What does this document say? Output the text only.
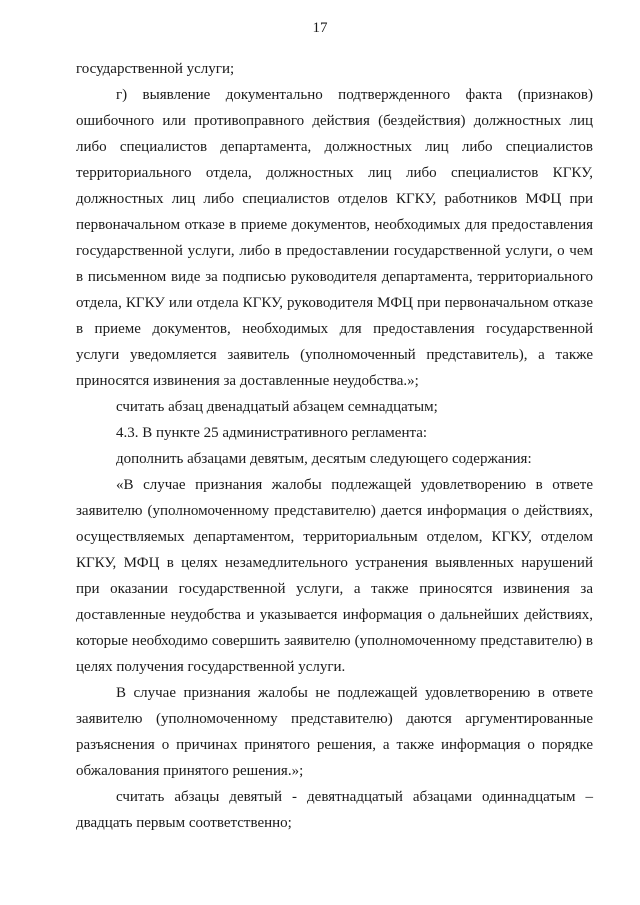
17

государственной услуги;

г) выявление документально подтвержденного факта (признаков) ошибочного или противоправного действия (бездействия) должностных лиц либо специалистов департамента, должностных лиц либо специалистов территориального отдела, должностных лиц либо специалистов КГКУ, должностных лиц либо специалистов отделов КГКУ, работников МФЦ при первоначальном отказе в приеме документов, необходимых для предоставления государственной услуги, либо в предоставлении государственной услуги, о чем в письменном виде за подписью руководителя департамента, территориального отдела, КГКУ или отдела КГКУ, руководителя МФЦ при первоначальном отказе в приеме документов, необходимых для предоставления государственной услуги уведомляется заявитель (уполномоченный представитель), а также приносятся извинения за доставленные неудобства.»;

считать абзац двенадцатый абзацем семнадцатым;

4.3. В пункте 25 административного регламента:

дополнить абзацами девятым, десятым следующего содержания:

«В случае признания жалобы подлежащей удовлетворению в ответе заявителю (уполномоченному представителю) дается информация о действиях, осуществляемых департаментом, территориальным отделом, КГКУ, отделом КГКУ, МФЦ в целях незамедлительного устранения выявленных нарушений при оказании государственной услуги, а также приносятся извинения за доставленные неудобства и указывается информация о дальнейших действиях, которые необходимо совершить заявителю (уполномоченному представителю) в целях получения государственной услуги.

В случае признания жалобы не подлежащей удовлетворению в ответе заявителю (уполномоченному представителю) даются аргументированные разъяснения о причинах принятого решения, а также информация о порядке обжалования принятого решения.»;

считать абзацы девятый - девятнадцатый абзацами одиннадцатым – двадцать первым соответственно;
